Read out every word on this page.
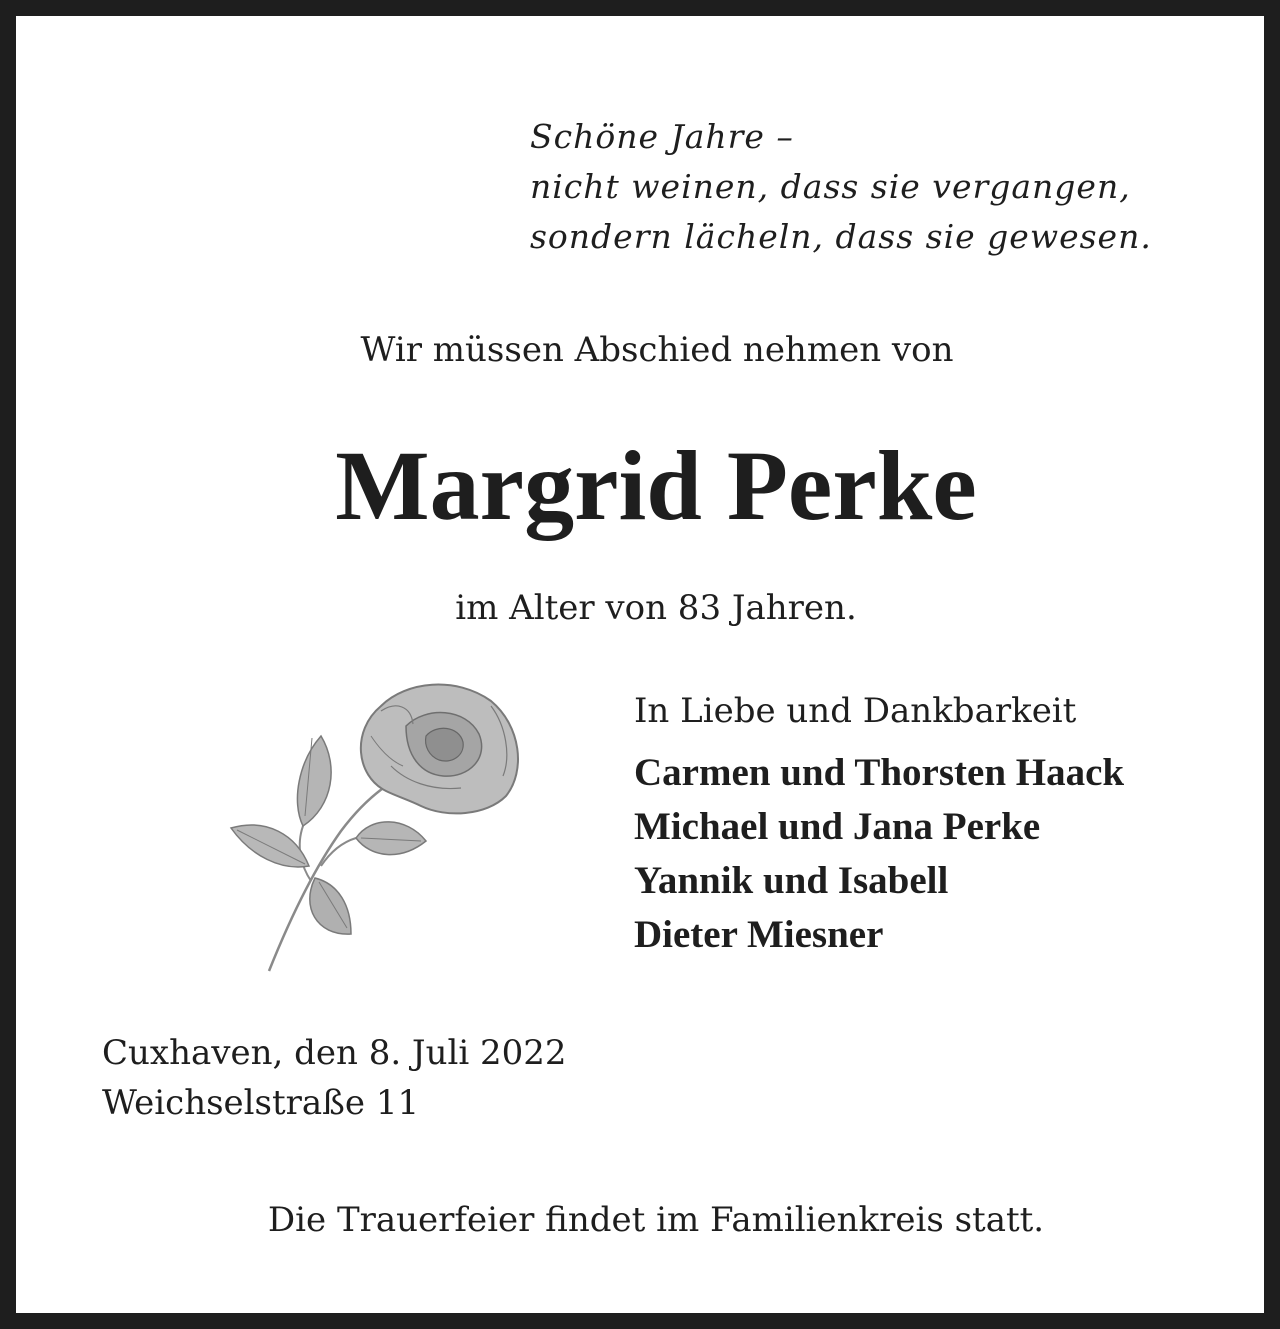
Schöne Jahre –
nicht weinen, dass sie vergangen,
sondern lächeln, dass sie gewesen.
Wir müssen Abschied nehmen von
Margrid Perke
im Alter von 83 Jahren.
In Liebe und Dankbarkeit
Carmen und Thorsten Haack
Michael und Jana Perke
Yannik und Isabell
Dieter Miesner
Cuxhaven, den 8. Juli 2022
Weichselstraße 11
Die Trauerfeier findet im Familienkreis statt.
